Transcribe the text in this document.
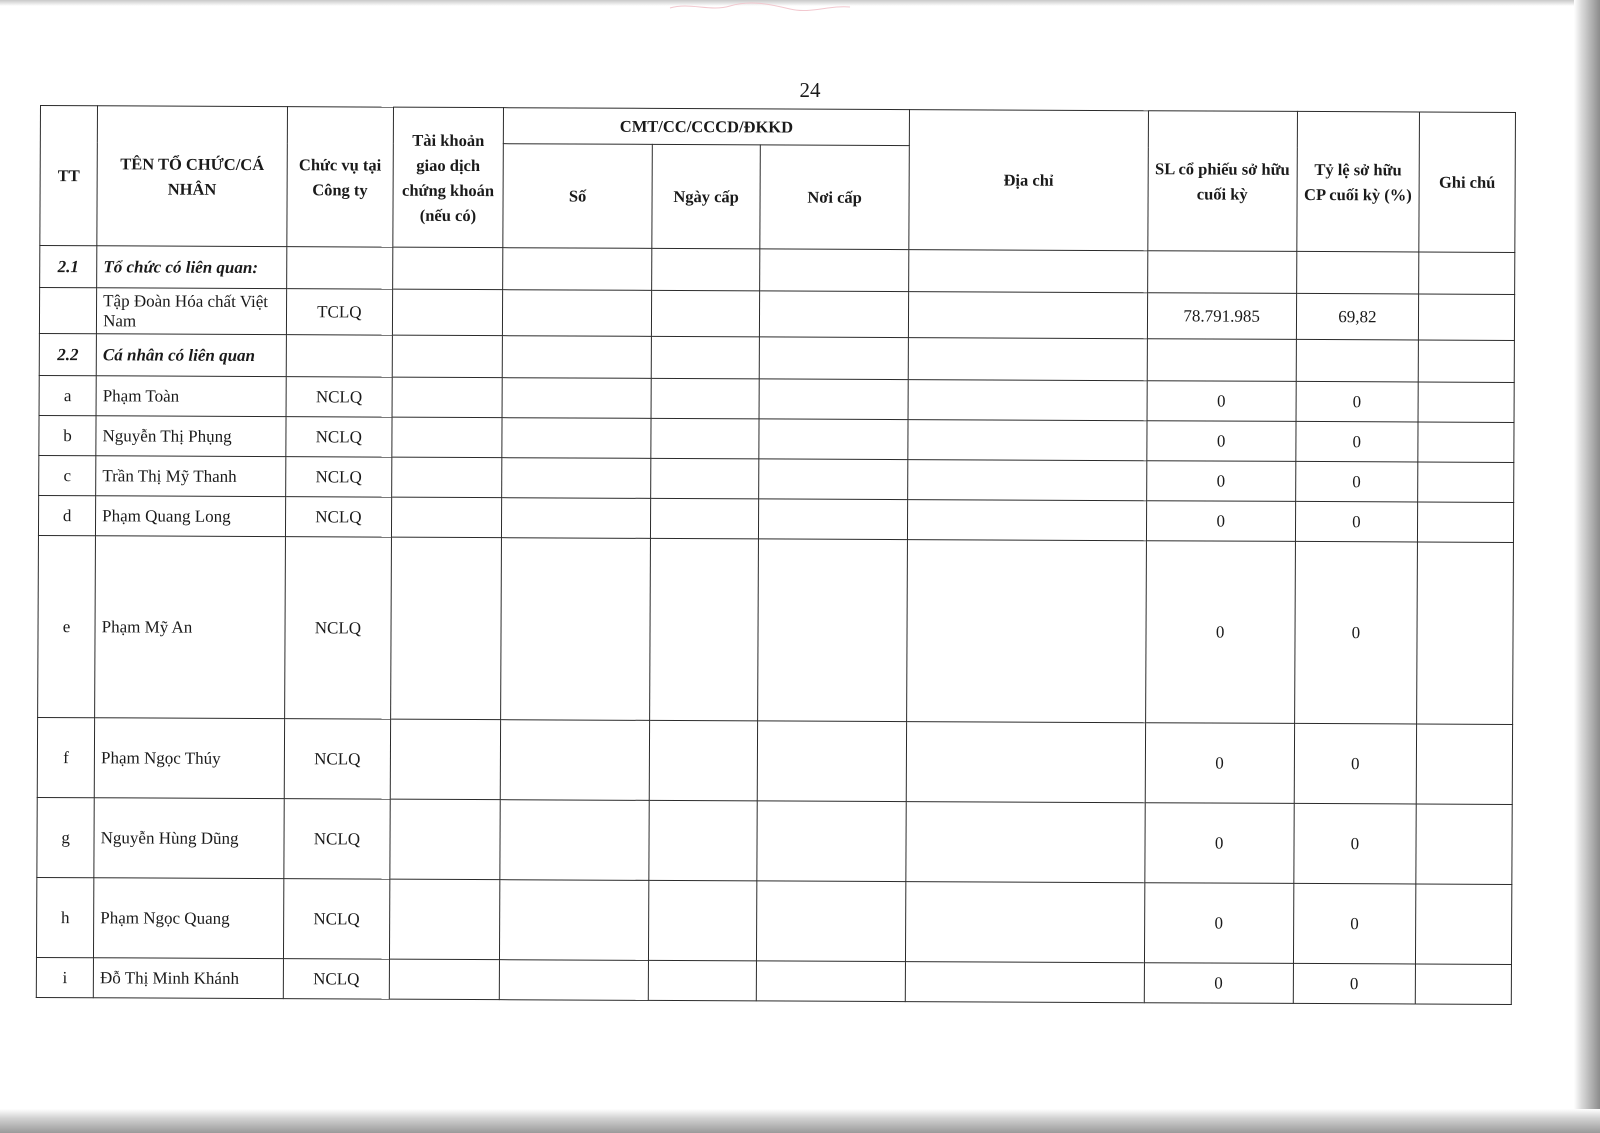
24
TT	TÊN TỔ CHỨC/CÁ NHÂN	Chức vụ tại Công ty	Tài khoản giao dịch chứng khoán (nếu có)	CMT/CC/CCCD/ĐKKD			Địa chỉ	SL cổ phiếu sở hữu cuối kỳ	Tỷ lệ sở hữu CP cuối kỳ (%)	Ghi chú
				Số	Ngày cấp	Nơi cấp				
2.1	Tổ chức có liên quan:									
	Tập Đoàn Hóa chất Việt Nam	TCLQ						78.791.985	69,82	
2.2	Cá nhân có liên quan									
a	Phạm Toàn	NCLQ						0	0	
b	Nguyễn Thị Phụng	NCLQ						0	0	
c	Trần Thị Mỹ Thanh	NCLQ						0	0	
d	Phạm Quang Long	NCLQ						0	0	
e	Phạm Mỹ An	NCLQ						0	0	
f	Phạm Ngọc Thúy	NCLQ						0	0	
g	Nguyễn Hùng Dũng	NCLQ						0	0	
h	Phạm Ngọc Quang	NCLQ						0	0	
i	Đỗ Thị Minh Khánh	NCLQ						0	0	
